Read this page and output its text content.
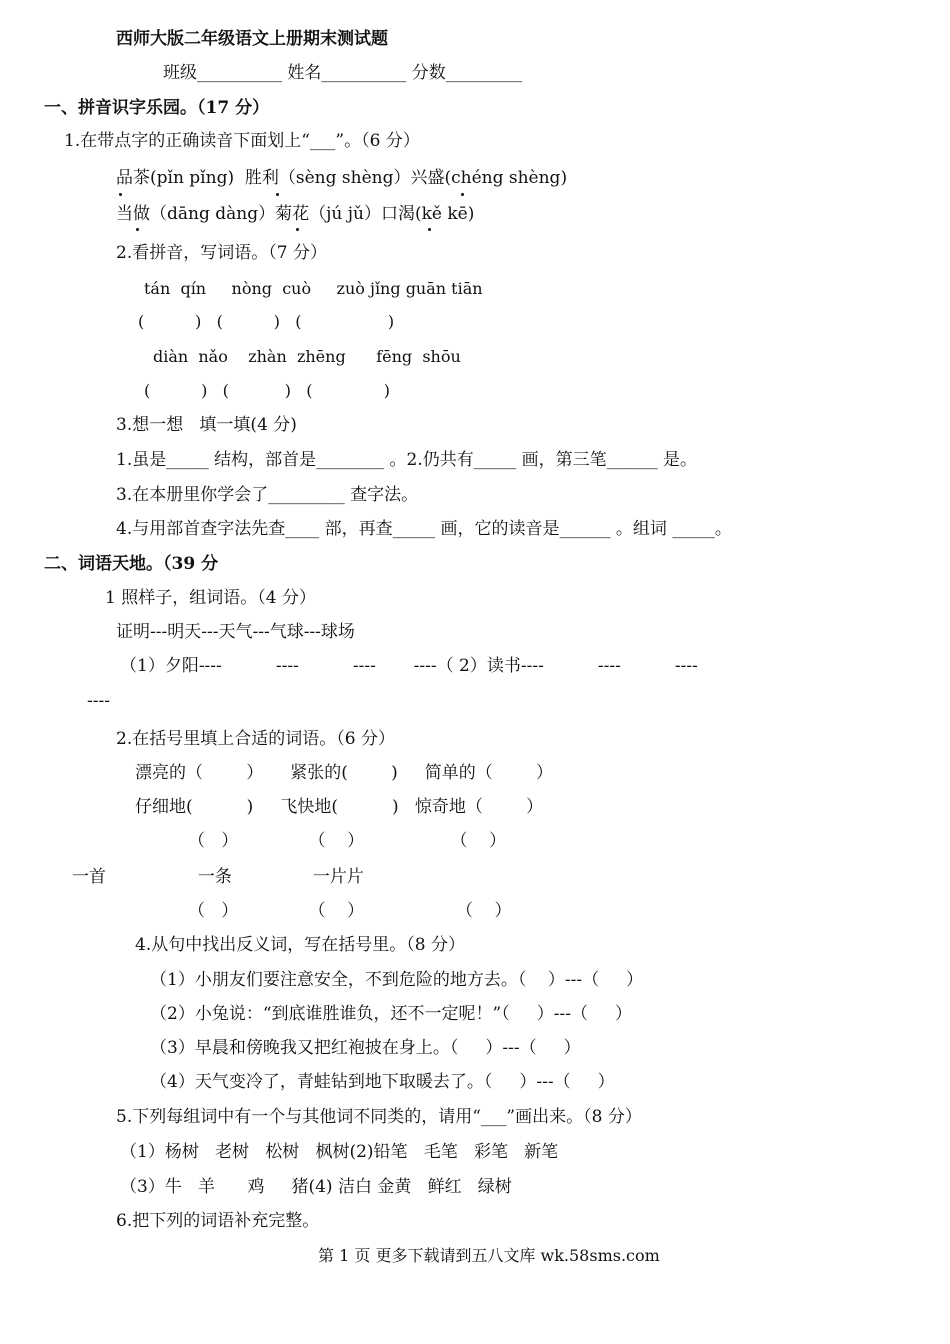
西师大版二年级语文上册期末测试题
班级__________ 姓名__________ 分数_________
一、拼音识字乐园。（17 分）
1.在带点字的正确读音下面划上“___”。（6 分）
品茶(pǐn pǐng)  胜利（sèng shèng）兴盛(chéng shèng)
当做（dāng dàng）菊花（jú jǔ）口渴(kě kē)
2.看拼音，写词语。（7 分）
tán  qín     nòng  cuò     zuò jǐng guān tiān
(          )   (          )   (                 )
diàn  nǎo    zhàn  zhēng      fēng  shōu
(          )   (           )   (              )
3.想一想   填一填(4 分)
1.虽是_____ 结构，部首是________ 。2.仍共有_____ 画，第三笔______ 是。
3.在本册里你学会了_________ 查字法。
4.与用部首查字法先查____ 部，再查_____ 画，它的读音是______ 。组词 _____。
二、词语天地。（39 分
1 照样子，组词语。（4 分）
证明---明天---天气---气球---球场
（1）夕阳----          ----          ----       ----（ 2）读书----          ----          ----
----
2.在括号里填上合适的词语。（6 分）
漂亮的（        ）     紧张的(        )     简单的（        ）
仔细地(          )     飞快地(          )   惊奇地（        ）
（   ）             （    ）                （    ）
一首                 一条               一片片
（   ）             （    ）                 （    ）
4.从句中找出反义词，写在括号里。（8 分）
（1）小朋友们要注意安全，不到危险的地方去。（    ）---（     ）
（2）小兔说：“到底谁胜谁负，还不一定呢！”（     ）---（     ）
（3）早晨和傍晚我又把红袍披在身上。（     ）---（     ）
（4）天气变冷了，青蛙钻到地下取暖去了。（     ）---（     ）
5.下列每组词中有一个与其他词不同类的，请用“___”画出来。（8 分）
（1）杨树   老树   松树   枫树(2)铅笔   毛笔   彩笔   新笔
（3）牛   羊      鸡     猪(4) 洁白 金黄   鲜红   绿树
6.把下列的词语补充完整。
第 1 页 更多下载请到五八文库 wk.58sms.com
